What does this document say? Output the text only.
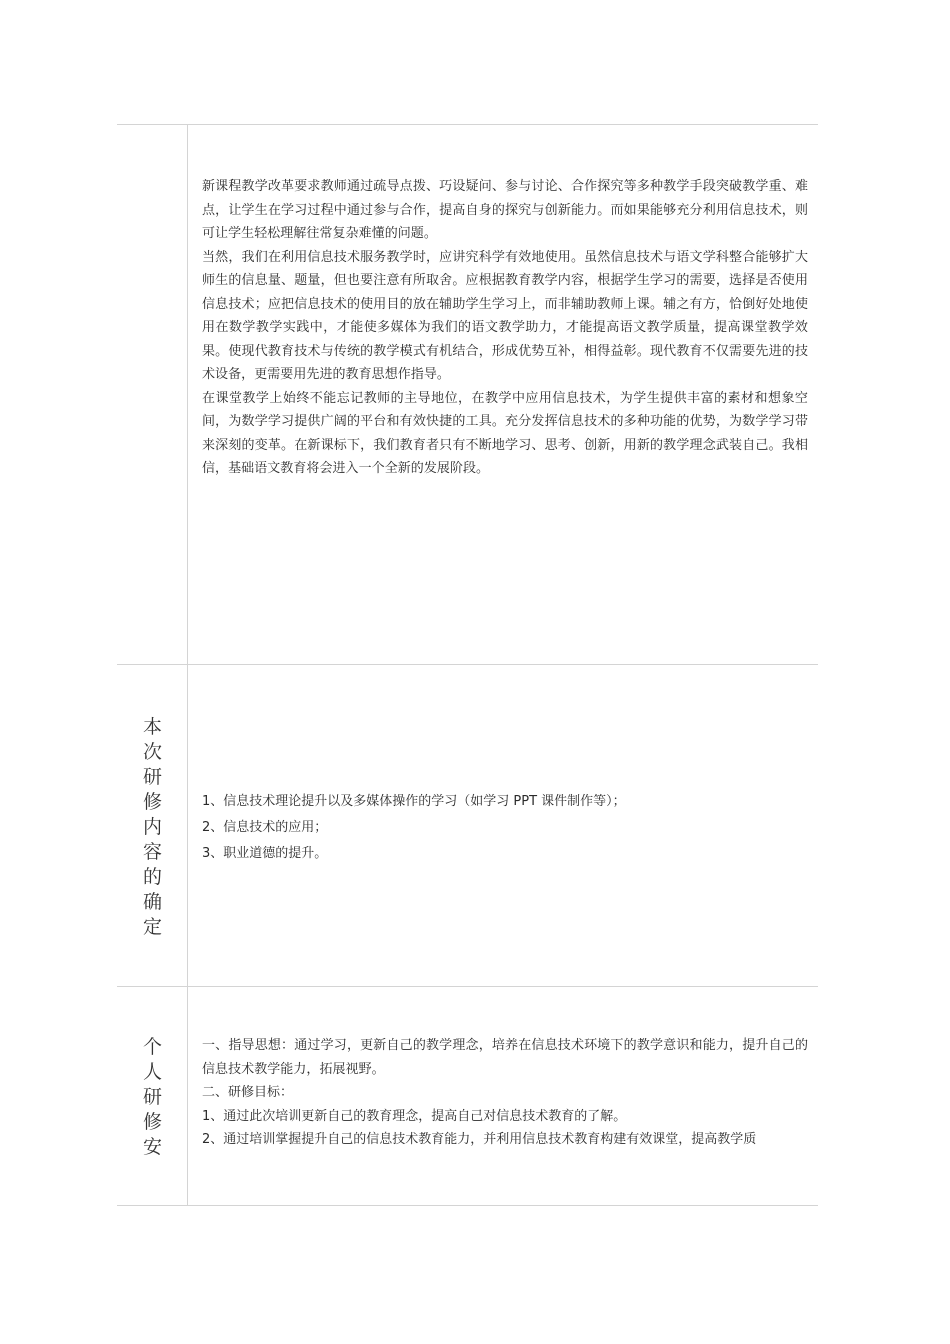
新课程教学改革要求教师通过疏导点拨、巧设疑问、参与讨论、合作探究等多种教学手段突破教学重、难点，让学生在学习过程中通过参与合作，提高自身的探究与创新能力。而如果能够充分利用信息技术，则可让学生轻松理解往常复杂难懂的问题。

当然，我们在利用信息技术服务教学时，应讲究科学有效地使用。虽然信息技术与语文学科整合能够扩大师生的信息量、题量，但也要注意有所取舍。应根据教育教学内容，根据学生学习的需要，选择是否使用信息技术；应把信息技术的使用目的放在辅助学生学习上，而非辅助教师上课。辅之有方，恰倒好处地使用在数学教学实践中，才能使多媒体为我们的语文教学助力，才能提高语文教学质量，提高课堂教学效果。使现代教育技术与传统的教学模式有机结合，形成优势互补，相得益彰。现代教育不仅需要先进的技术设备，更需要用先进的教育思想作指导。

在课堂教学上始终不能忘记教师的主导地位，在教学中应用信息技术，为学生提供丰富的素材和想象空间，为数学学习提供广阔的平台和有效快捷的工具。充分发挥信息技术的多种功能的优势，为数学学习带来深刻的变革。在新课标下，我们教育者只有不断地学习、思考、创新，用新的教学理念武装自己。我相信，基础语文教育将会进入一个全新的发展阶段。

本
次
研
修
内
容
的
确
定

1、信息技术理论提升以及多媒体操作的学习（如学习 PPT 课件制作等）；

2、信息技术的应用；

3、职业道德的提升。

个
人
研
修
安

一、指导思想：通过学习，更新自己的教学理念，培养在信息技术环境下的教学意识和能力，提升自己的信息技术教学能力，拓展视野。

二、研修目标：

1、通过此次培训更新自己的教育理念，提高自己对信息技术教育的了解。

2、通过培训掌握提升自己的信息技术教育能力，并利用信息技术教育构建有效课堂，提高教学质
